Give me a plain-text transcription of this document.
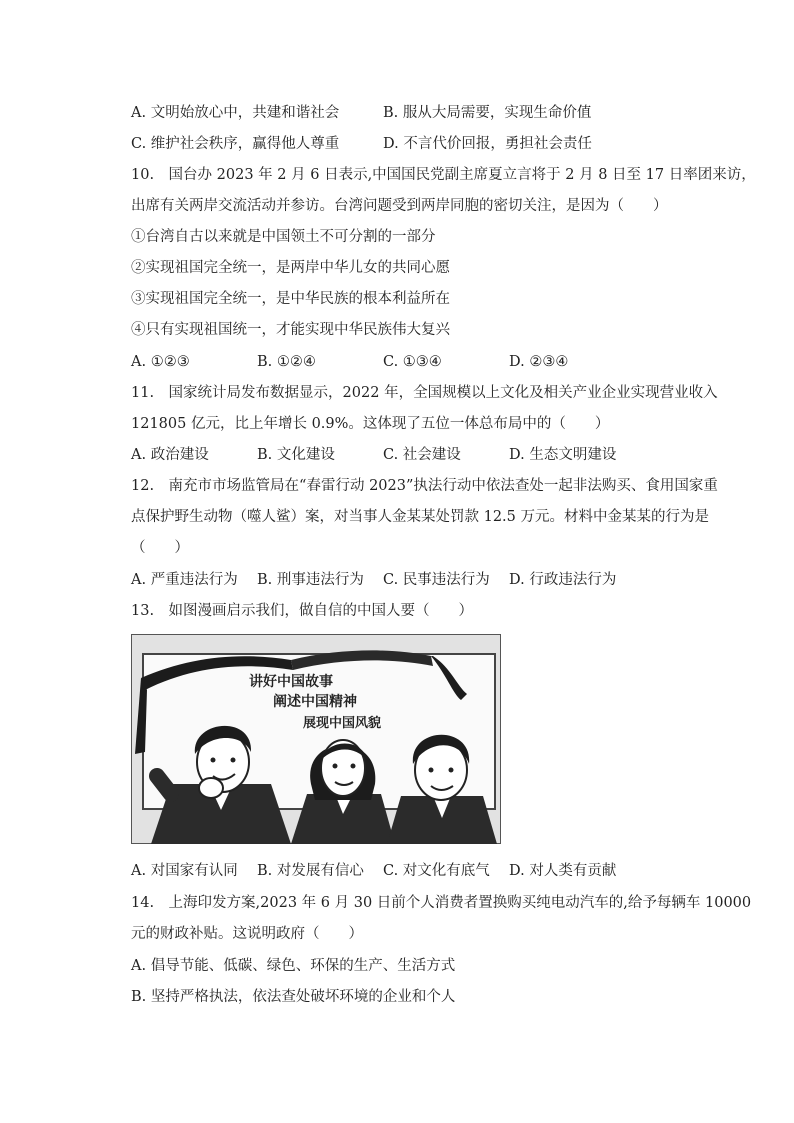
A. 文明始放心中，共建和谐社会	B. 服从大局需要，实现生命价值
C. 维护社会秩序，赢得他人尊重	D. 不言代价回报，勇担社会责任
10.　国台办 2023 年 2 月 6 日表示,中国国民党副主席夏立言将于 2 月 8 日至 17 日率团来访，
出席有关两岸交流活动并参访。台湾问题受到两岸同胞的密切关注，是因为（　　）
①台湾自古以来就是中国领土不可分割的一部分
②实现祖国完全统一，是两岸中华儿女的共同心愿
③实现祖国完全统一，是中华民族的根本利益所在
④只有实现祖国统一，才能实现中华民族伟大复兴
A. ①②③	B. ①②④	C. ①③④	D. ②③④
11.　国家统计局发布数据显示，2022 年，全国规模以上文化及相关产业企业实现营业收入
121805 亿元，比上年增长 0.9%。这体现了五位一体总布局中的（　　）
A. 政治建设	B. 文化建设	C. 社会建设	D. 生态文明建设
12.　南充市市场监管局在“春雷行动 2023”执法行动中依法查处一起非法购买、食用国家重
点保护野生动物（噬人鲨）案，对当事人金某某处罚款 12.5 万元。材料中金某某的行为是
（　　）
A. 严重违法行为 B. 刑事违法行为 C. 民事违法行为 D. 行政违法行为
13.　如图漫画启示我们，做自信的中国人要（　　）
讲好中国故事
阐述中国精神
展现中国风貌
A. 对国家有认同 B. 对发展有信心 C. 对文化有底气 D. 对人类有贡献
14.　上海印发方案,2023 年 6 月 30 日前个人消费者置换购买纯电动汽车的,给予每辆车 10000
元的财政补贴。这说明政府（　　）
A. 倡导节能、低碳、绿色、环保的生产、生活方式
B. 坚持严格执法，依法查处破坏环境的企业和个人
